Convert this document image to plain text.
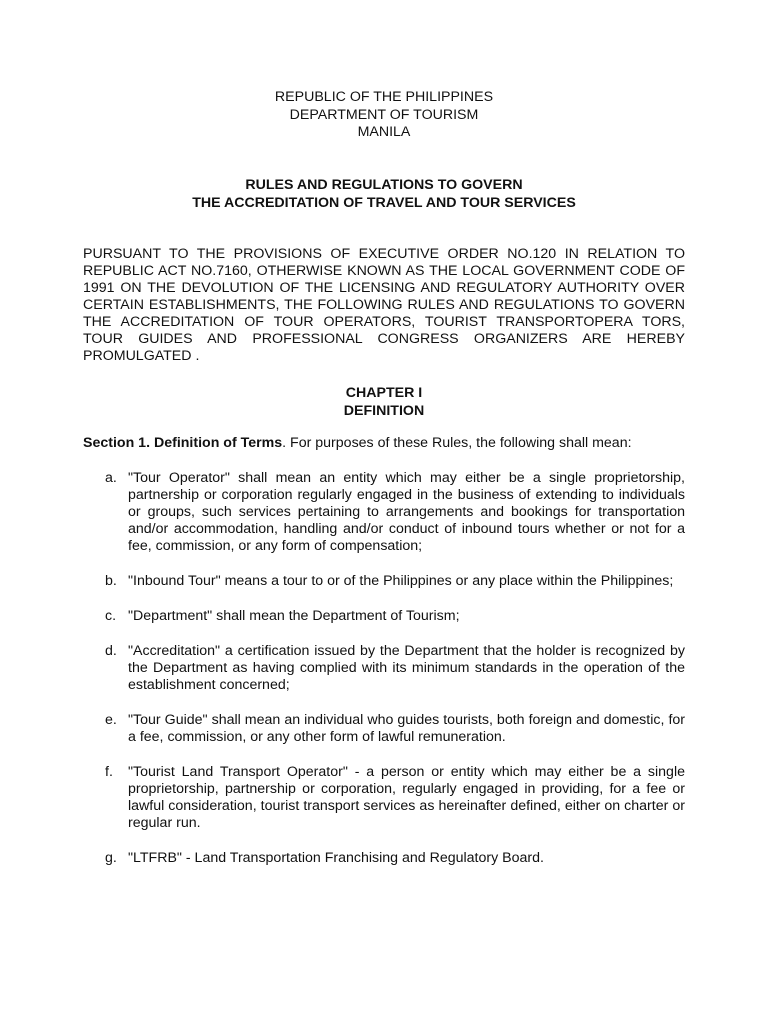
REPUBLIC OF THE PHILIPPINES
DEPARTMENT OF TOURISM
MANILA
RULES AND REGULATIONS TO GOVERN
THE ACCREDITATION OF TRAVEL AND TOUR SERVICES
PURSUANT TO THE PROVISIONS OF EXECUTIVE ORDER NO.120 IN RELATION TO REPUBLIC ACT NO.7160, OTHERWISE KNOWN AS THE LOCAL GOVERNMENT CODE OF 1991 ON THE DEVOLUTION OF THE LICENSING AND REGULATORY AUTHORITY OVER CERTAIN ESTABLISHMENTS, THE FOLLOWING RULES AND REGULATIONS TO GOVERN THE ACCREDITATION OF TOUR OPERATORS, TOURIST TRANSPORTOPERA TORS, TOUR GUIDES AND PROFESSIONAL CONGRESS ORGANIZERS ARE HEREBY PROMULGATED .
CHAPTER I
DEFINITION
Section 1. Definition of Terms. For purposes of these Rules, the following shall mean:
a. "Tour Operator" shall mean an entity which may either be a single proprietorship, partnership or corporation regularly engaged in the business of extending to individuals or groups, such services pertaining to arrangements and bookings for transportation and/or accommodation, handling and/or conduct of inbound tours whether or not for a fee, commission, or any form of compensation;
b. "Inbound Tour" means a tour to or of the Philippines or any place within the Philippines;
c. "Department" shall mean the Department of Tourism;
d. "Accreditation" a certification issued by the Department that the holder is recognized by the Department as having complied with its minimum standards in the operation of the establishment concerned;
e. "Tour Guide" shall mean an individual who guides tourists, both foreign and domestic, for a fee, commission, or any other form of lawful remuneration.
f. "Tourist Land Transport Operator" - a person or entity which may either be a single proprietorship, partnership or corporation, regularly engaged in providing, for a fee or lawful consideration, tourist transport services as hereinafter defined, either on charter or regular run.
g. "LTFRB" - Land Transportation Franchising and Regulatory Board.
